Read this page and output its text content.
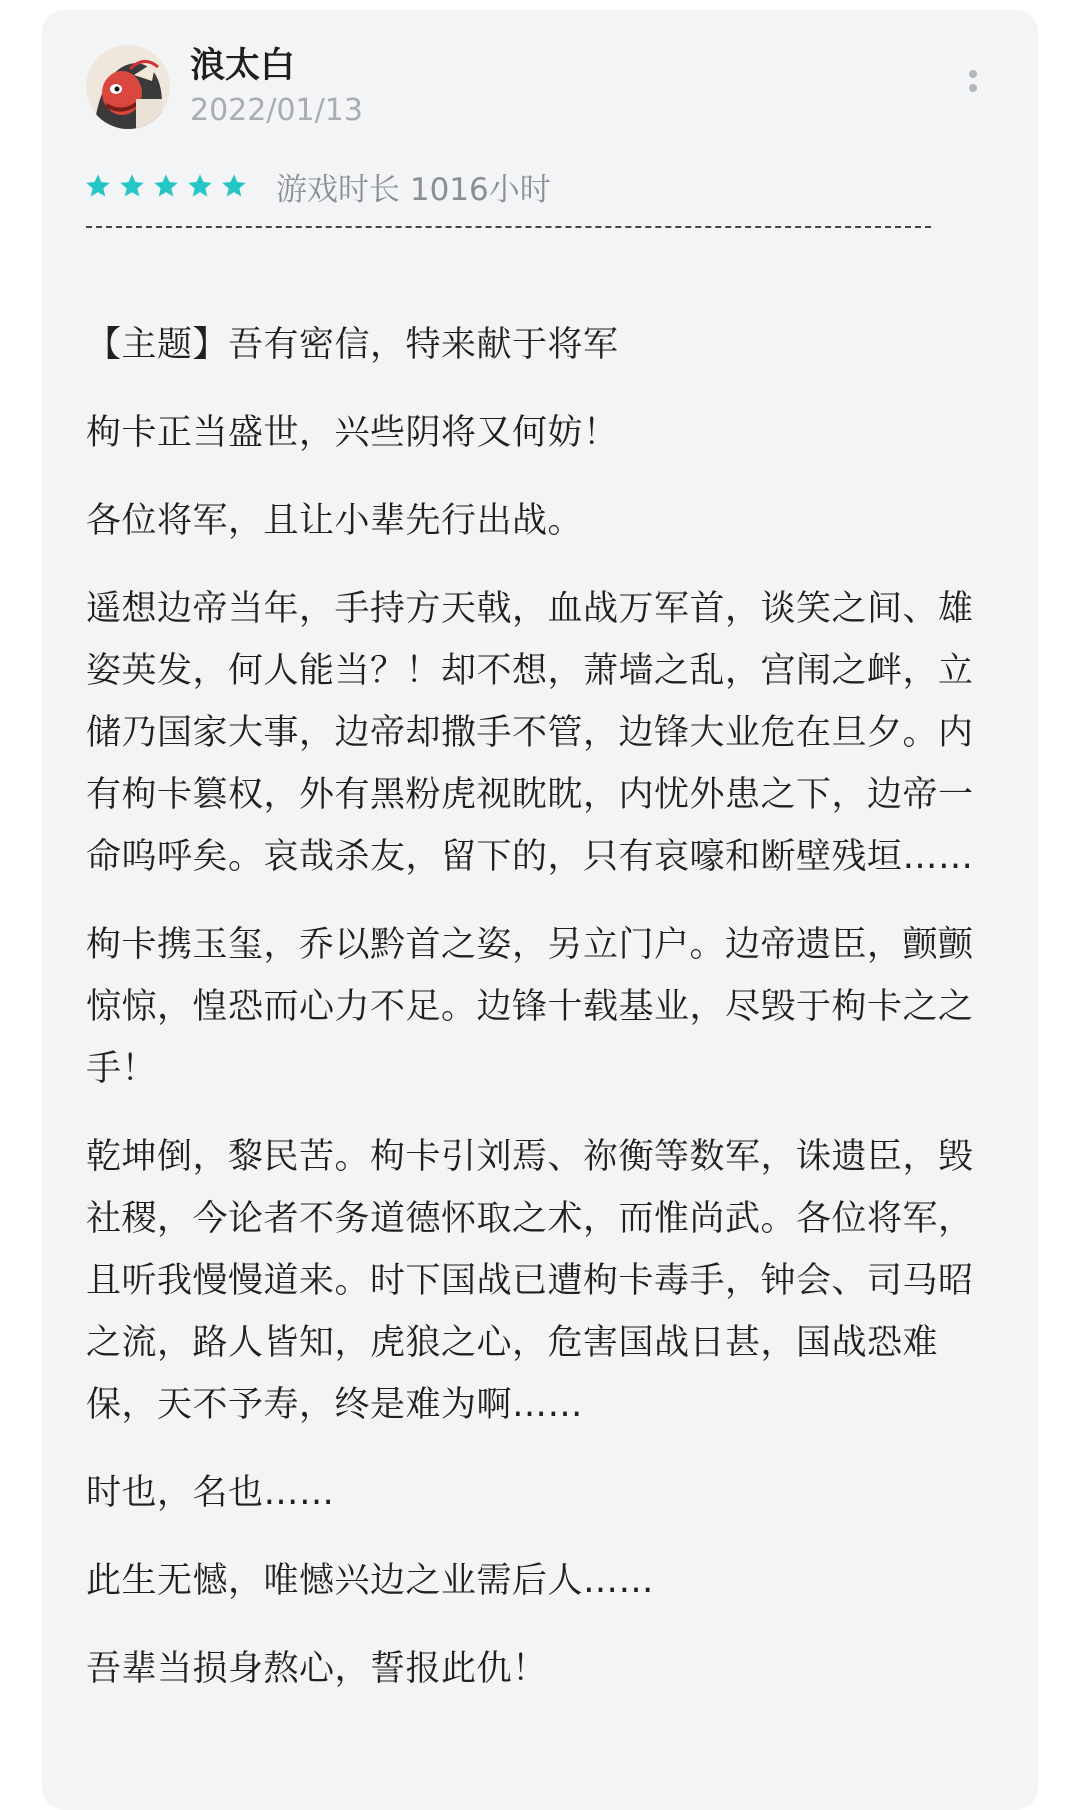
浪太白
2022/01/13
游戏时长 1016小时

【主题】吾有密信，特来献于将军

枸卡正当盛世，兴些阴将又何妨！

各位将军，且让小辈先行出战。

遥想边帝当年，手持方天戟，血战万军首，谈笑之间、雄姿英发，何人能当？！却不想，萧墙之乱，宫闱之衅，立储乃国家大事，边帝却撒手不管，边锋大业危在旦夕。内有枸卡篡权，外有黑粉虎视眈眈，内忧外患之下，边帝一命呜呼矣。哀哉杀友，留下的，只有哀嚎和断壁残垣……

枸卡携玉玺，乔以黔首之姿，另立门户。边帝遗臣，颤颤惊惊，惶恐而心力不足。边锋十载基业，尽毁于枸卡之之手！

乾坤倒，黎民苦。枸卡引刘焉、祢衡等数军，诛遗臣，毁社稷，今论者不务道德怀取之术，而惟尚武。各位将军，且听我慢慢道来。时下国战已遭枸卡毒手，钟会、司马昭之流，路人皆知，虎狼之心，危害国战日甚，国战恐难保，天不予寿，终是难为啊……

时也，名也……

此生无憾，唯憾兴边之业需后人……

吾辈当损身熬心，誓报此仇！
